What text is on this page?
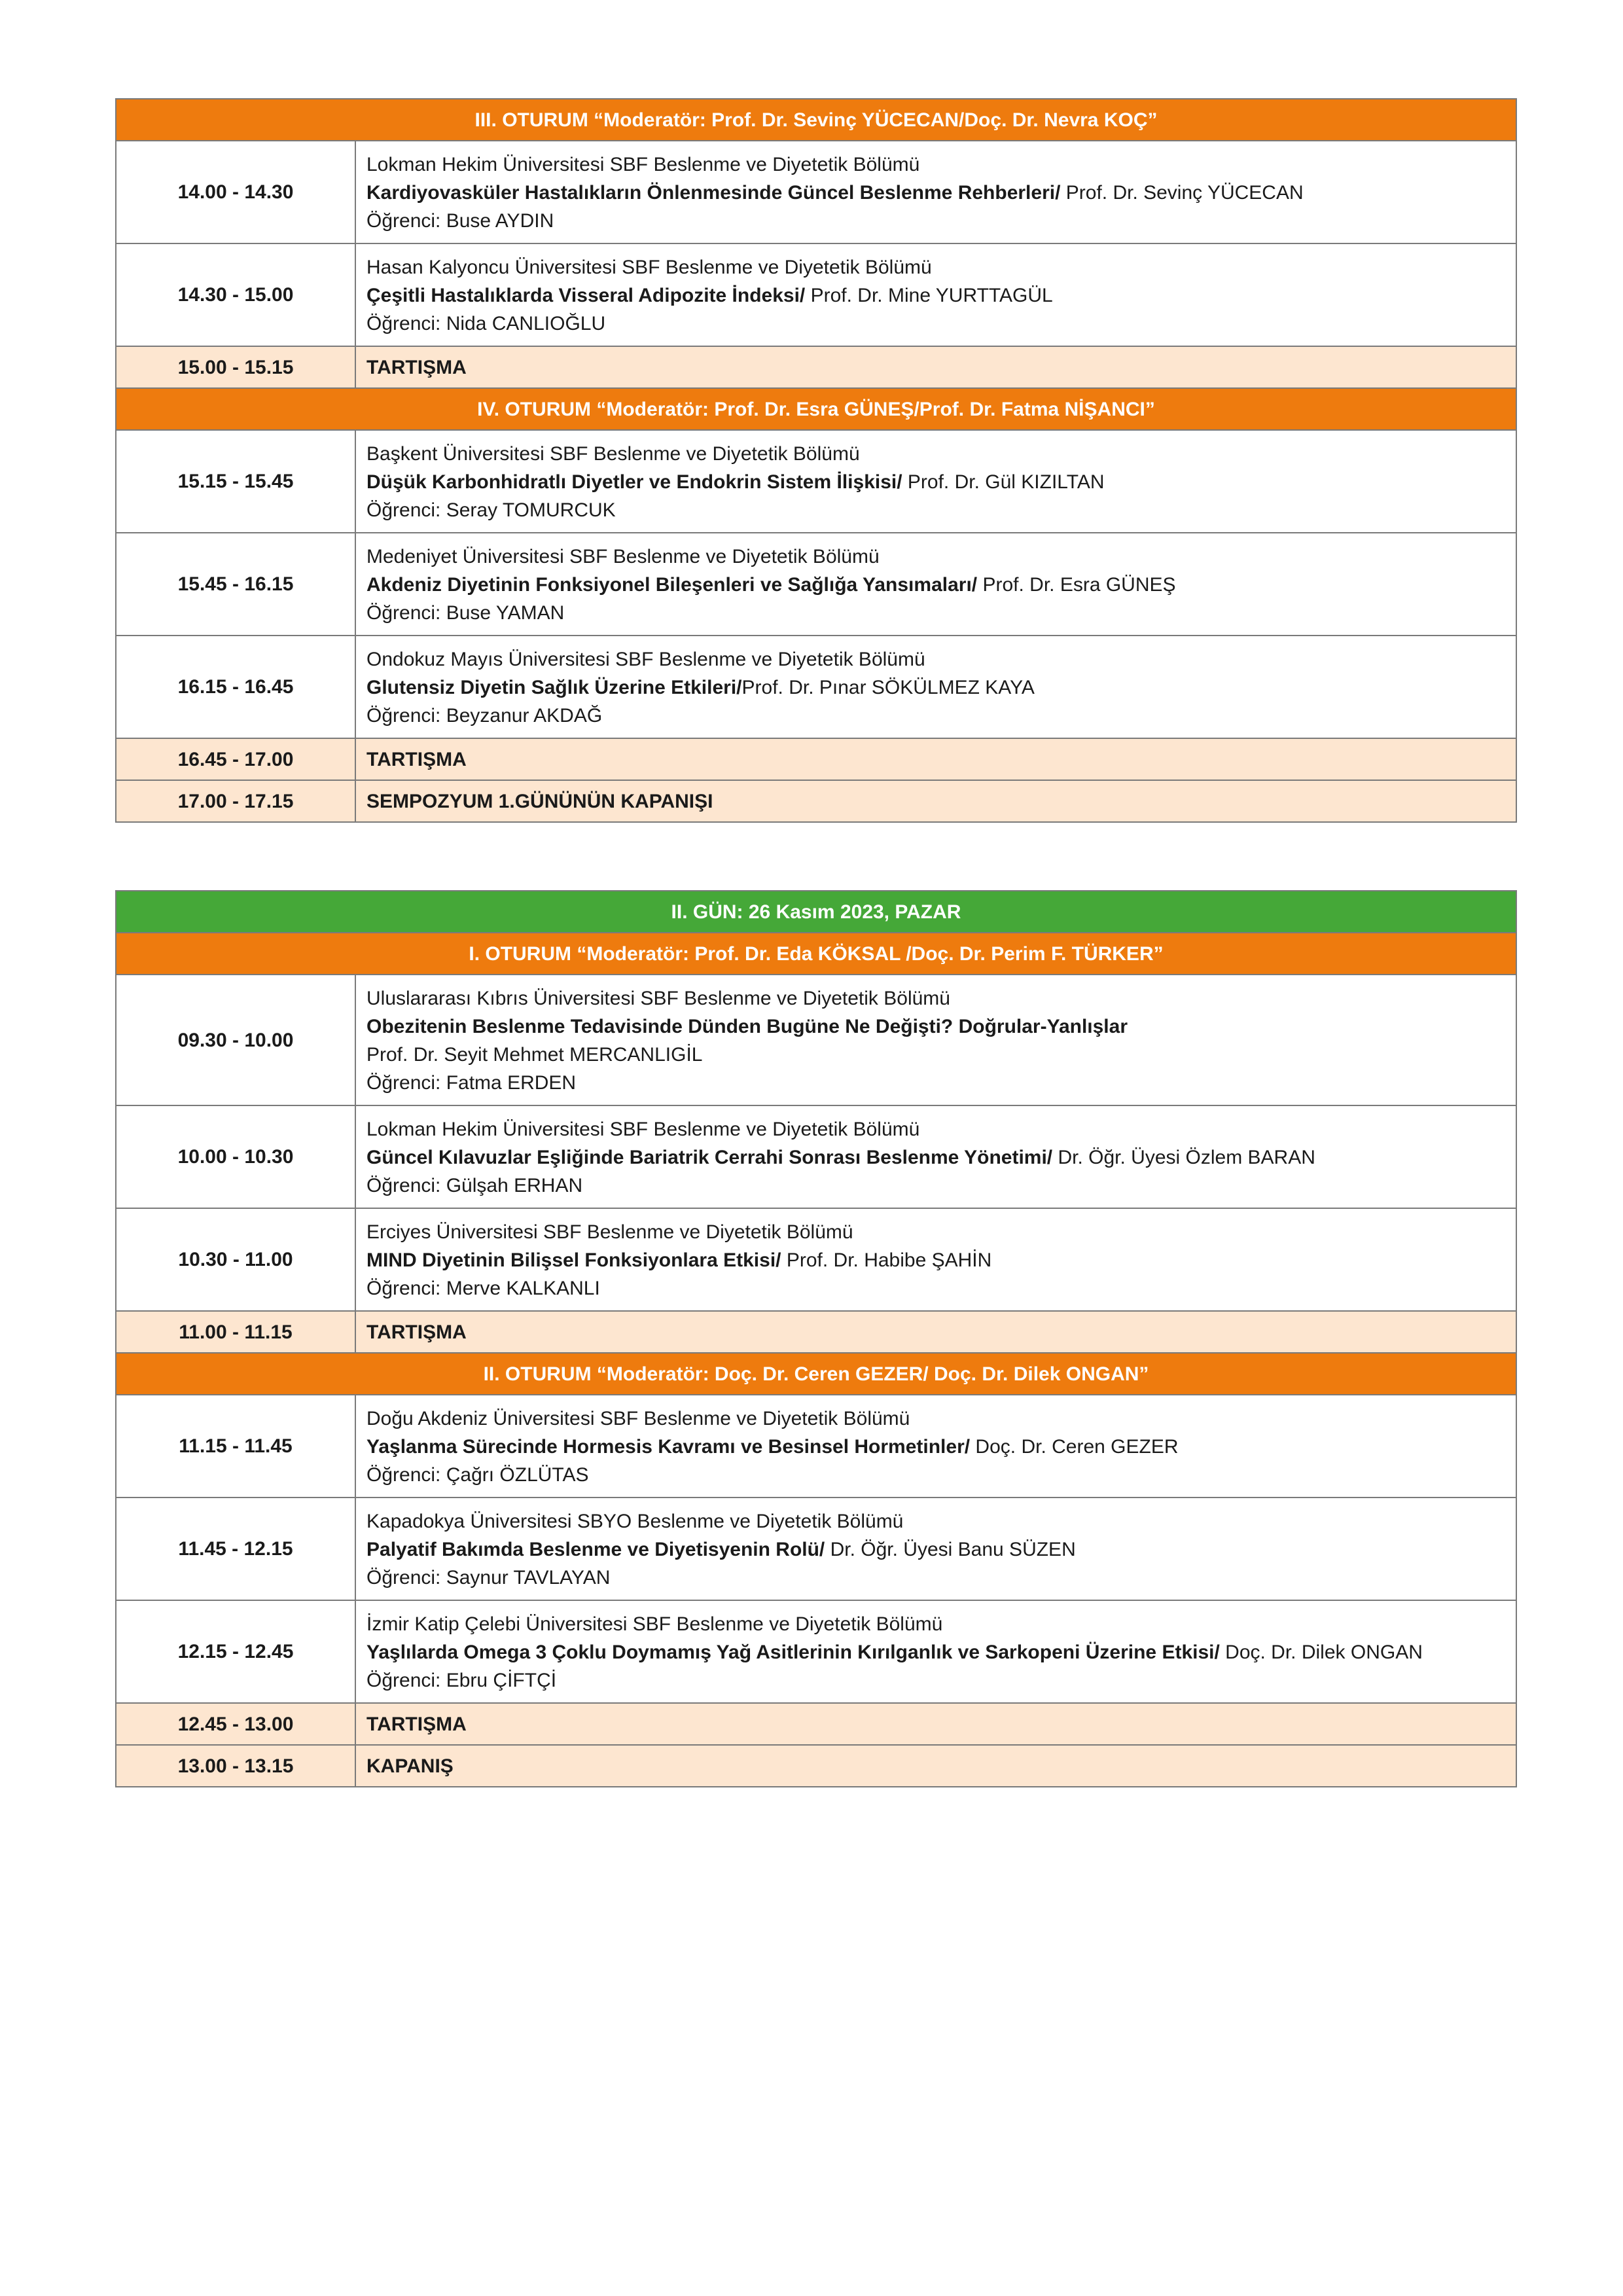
III. OTURUM “Moderatör: Prof. Dr. Sevinç YÜCECAN/Doç. Dr. Nevra KOÇ”	
14.00 - 14.30	Lokman Hekim Üniversitesi SBF Beslenme ve Diyetetik Bölümü
Kardiyovasküler Hastalıkların Önlenmesinde Güncel Beslenme Rehberleri/ Prof. Dr. Sevinç YÜCECAN
Öğrenci: Buse AYDIN

14.30 - 15.00	Hasan Kalyoncu Üniversitesi SBF Beslenme ve Diyetetik Bölümü
Çeşitli Hastalıklarda Visseral Adipozite İndeksi/ Prof. Dr. Mine YURTTAGÜL
Öğrenci: Nida CANLIOĞLU

15.00 - 15.15	TARTIŞMA
IV. OTURUM “Moderatör: Prof. Dr. Esra GÜNEŞ/Prof. Dr. Fatma NİŞANCI”	
15.15 - 15.45	Başkent Üniversitesi SBF Beslenme ve Diyetetik Bölümü
Düşük Karbonhidratlı Diyetler ve Endokrin Sistem İlişkisi/ Prof. Dr. Gül KIZILTAN
Öğrenci: Seray TOMURCUK

15.45 - 16.15	Medeniyet Üniversitesi SBF Beslenme ve Diyetetik Bölümü
Akdeniz Diyetinin Fonksiyonel Bileşenleri ve Sağlığa Yansımaları/ Prof. Dr. Esra GÜNEŞ
Öğrenci: Buse YAMAN

16.15 - 16.45	Ondokuz Mayıs Üniversitesi SBF Beslenme ve Diyetetik Bölümü
Glutensiz Diyetin Sağlık Üzerine Etkileri/Prof. Dr. Pınar SÖKÜLMEZ KAYA
Öğrenci: Beyzanur AKDAĞ

16.45 - 17.00	TARTIŞMA
17.00 - 17.15	SEMPOZYUM 1.GÜNÜNÜN KAPANIŞI
II. GÜN: 26 Kasım 2023, PAZAR	
I. OTURUM “Moderatör: Prof. Dr. Eda KÖKSAL /Doç. Dr. Perim F. TÜRKER”	
09.30 - 10.00	Uluslararası Kıbrıs Üniversitesi SBF Beslenme ve Diyetetik Bölümü
Obezitenin Beslenme Tedavisinde Dünden Bugüne Ne Değişti? Doğrular-Yanlışlar
Prof. Dr. Seyit Mehmet MERCANLIGİL
Öğrenci: Fatma ERDEN

10.00 - 10.30	Lokman Hekim Üniversitesi SBF Beslenme ve Diyetetik Bölümü
Güncel Kılavuzlar Eşliğinde Bariatrik Cerrahi Sonrası Beslenme Yönetimi/ Dr. Öğr. Üyesi Özlem BARAN
Öğrenci: Gülşah ERHAN

10.30 - 11.00	Erciyes Üniversitesi SBF Beslenme ve Diyetetik Bölümü
MIND Diyetinin Bilişsel Fonksiyonlara Etkisi/ Prof. Dr. Habibe ŞAHİN
Öğrenci: Merve KALKANLI

11.00 - 11.15	TARTIŞMA
II. OTURUM “Moderatör: Doç. Dr. Ceren GEZER/ Doç. Dr. Dilek ONGAN”	
11.15 - 11.45	Doğu Akdeniz Üniversitesi SBF Beslenme ve Diyetetik Bölümü
Yaşlanma Sürecinde Hormesis Kavramı ve Besinsel Hormetinler/ Doç. Dr. Ceren GEZER
Öğrenci: Çağrı ÖZLÜTAS

11.45 - 12.15	Kapadokya Üniversitesi SBYO Beslenme ve Diyetetik Bölümü
Palyatif Bakımda Beslenme ve Diyetisyenin Rolü/ Dr. Öğr. Üyesi Banu SÜZEN
Öğrenci: Saynur TAVLAYAN

12.15 - 12.45	İzmir Katip Çelebi Üniversitesi SBF Beslenme ve Diyetetik Bölümü
Yaşlılarda Omega 3 Çoklu Doymamış Yağ Asitlerinin Kırılganlık ve Sarkopeni Üzerine Etkisi/ Doç. Dr. Dilek ONGAN
Öğrenci: Ebru ÇİFTÇİ

12.45 - 13.00	TARTIŞMA
13.00 - 13.15	KAPANIŞ
